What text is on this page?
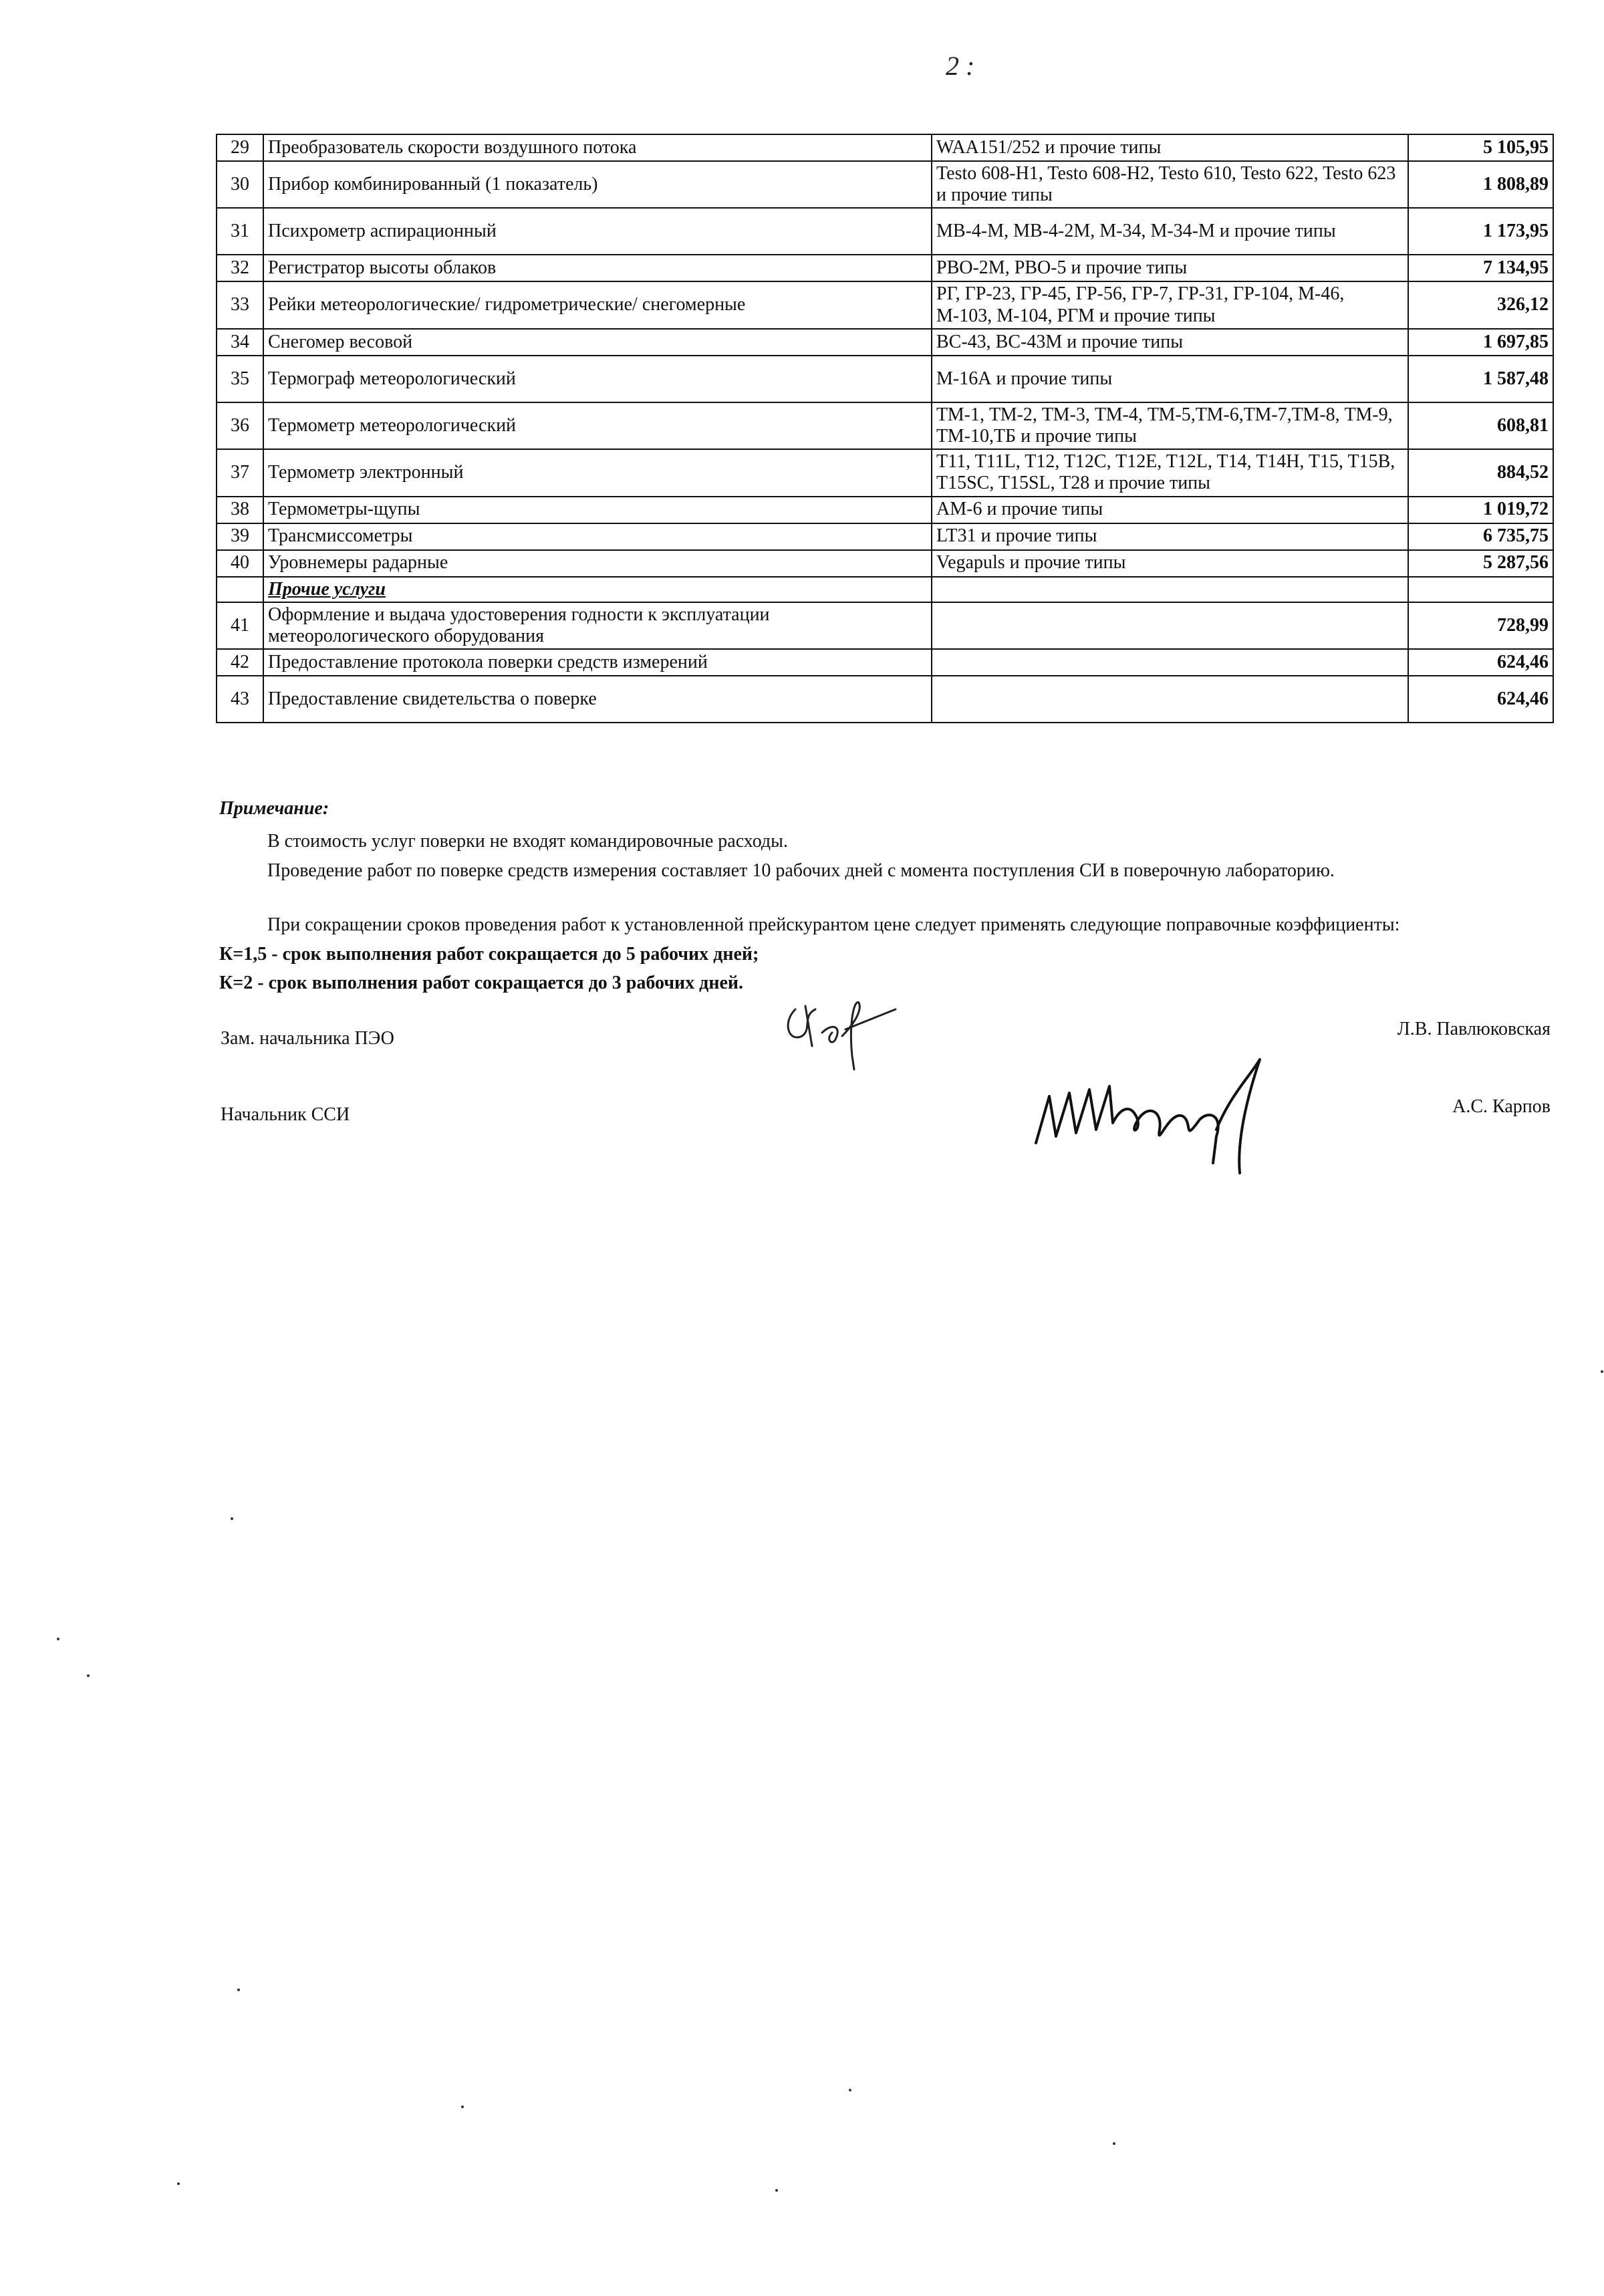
2 :
29	Преобразователь скорости воздушного потока	WAA151/252 и прочие типы	5 105,95
30	Прибор комбинированный (1 показатель)	Testo 608-H1, Testo 608-H2, Testo 610, Testo 622, Testo 623 и прочие типы	1 808,89
31	Психрометр аспирационный	МВ-4-М, МВ-4-2М, М-34, М-34-М и прочие типы	1 173,95
32	Регистратор высоты облаков	РВО-2М, РВО-5 и прочие типы	7 134,95
33	Рейки метеорологические/ гидрометрические/ снегомерные	РГ, ГР-23, ГР-45, ГР-56, ГР-7, ГР-31, ГР-104, М-46, М-103, М-104, РГМ и прочие типы	326,12
34	Снегомер весовой	ВС-43, ВС-43М и прочие типы	1 697,85
35	Термограф метеорологический	М-16А и прочие типы	1 587,48
36	Термометр метеорологический	ТМ-1, ТМ-2, ТМ-3, ТМ-4, ТМ-5,ТМ-6,ТМ-7,ТМ-8, ТМ-9, ТМ-10,ТБ и прочие типы	608,81
37	Термометр электронный	T11, T11L, T12, T12C, T12E, T12L, T14, T14H, T15, T15B, T15SC, T15SL, T28 и прочие типы	884,52
38	Термометры-щупы	АМ-6 и прочие типы	1 019,72
39	Трансмиссометры	LT31 и прочие типы	6 735,75
40	Уровнемеры радарные	Vegapuls и прочие типы	5 287,56
	Прочие услуги		
41	Оформление и выдача удостоверения годности к эксплуатации метеорологического оборудования		728,99
42	Предоставление протокола поверки средств измерений		624,46
43	Предоставление свидетельства о поверке		624,46
Примечание:
В стоимость услуг поверки не входят командировочные расходы.
Проведение работ по поверке средств измерения составляет 10 рабочих дней с момента поступления СИ в поверочную лабораторию.
При сокращении сроков проведения работ к установленной прейскурантом цене следует применять следующие поправочные коэффициенты:
К=1,5 - срок выполнения работ сокращается до 5 рабочих дней;
К=2 - срок выполнения работ сокращается до 3 рабочих дней.
Зам. начальника ПЭО	Л.В. Павлюковская
Начальник ССИ	А.С. Карпов
